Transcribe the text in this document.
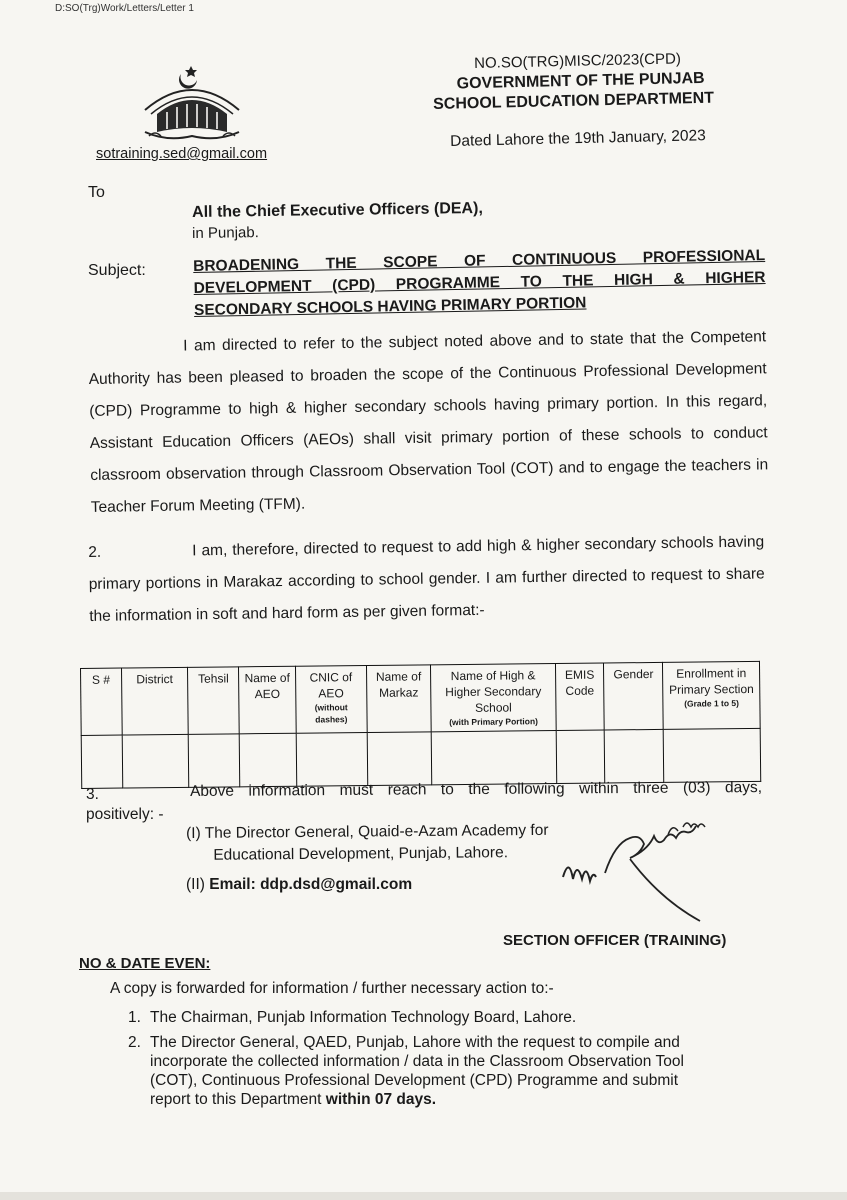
D:SO(Trg)Work/Letters/Letter 1

sotraining.sed@gmail.com

NO.SO(TRG)MISC/2023(CPD)
GOVERNMENT OF THE PUNJAB
SCHOOL EDUCATION DEPARTMENT

Dated Lahore the 19th January, 2023

To

All the Chief Executive Officers (DEA),

in Punjab.

Subject:	BROADENING THE SCOPE OF CONTINUOUS PROFESSIONAL
DEVELOPMENT (CPD) PROGRAMME TO THE HIGH & HIGHER
SECONDARY SCHOOLS HAVING PRIMARY PORTION

I am directed to refer to the subject noted above and to state that the Competent Authority has been pleased to broaden the scope of the Continuous Professional Development (CPD) Programme to high & higher secondary schools having primary portion. In this regard, Assistant Education Officers (AEOs) shall visit primary portion of these schools to conduct classroom observation through Classroom Observation Tool (COT) and to engage the teachers in Teacher Forum Meeting (TFM).

2.	I am, therefore, directed to request to add high & higher secondary schools having primary portions in Marakaz according to school gender. I am further directed to request to share the information in soft and hard form as per given format:-

S #	District	Tehsil	Name of AEO	CNIC of AEO
(without dashes)	Name of Markaz	Name of High & Higher Secondary School
(with Primary Portion)	EMIS Code	Gender	Enrollment in Primary Section
(Grade 1 to 5)

3.	Above information must reach to the following within three (03) days,

positively: -

(I) The Director General, Quaid-e-Azam Academy for
Educational Development, Punjab, Lahore.

(II) Email: ddp.dsd@gmail.com

SECTION OFFICER (TRAINING)

NO & DATE EVEN:

A copy is forwarded for information / further necessary action to:-

1. The Chairman, Punjab Information Technology Board, Lahore.
2. The Director General, QAED, Punjab, Lahore with the request to compile and incorporate the collected information / data in the Classroom Observation Tool (COT), Continuous Professional Development (CPD) Programme and submit report to this Department within 07 days.
